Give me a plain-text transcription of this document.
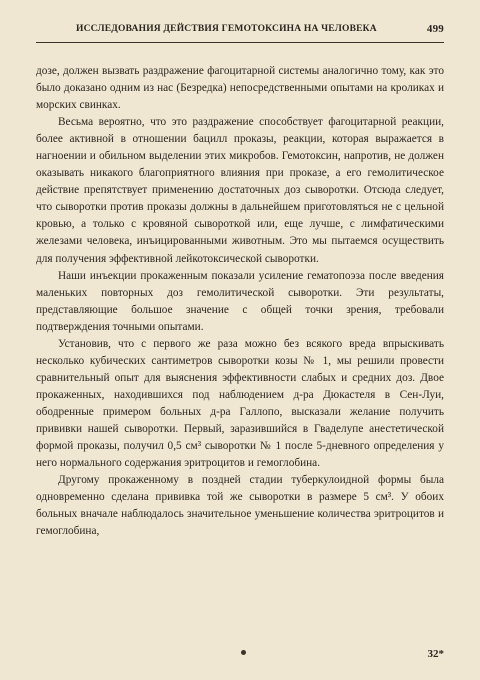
ИССЛЕДОВАНИЯ ДЕЙСТВИЯ ГЕМОТОКСИНА НА ЧЕЛОВЕКА	499

дозе, должен вызвать раздражение фагоцитарной системы аналогично тому, как это было доказано одним из нас (Безредка) непосредственными опытами на кроликах и морских свинках.

Весьма вероятно, что это раздражение способствует фагоцитарной реакции, более активной в отношении бацилл проказы, реакции, которая выражается в нагноении и обильном выделении этих микробов. Гемотоксин, напротив, не должен оказывать никакого благоприятного влияния при проказе, а его гемолитическое действие препятствует применению достаточных доз сыворотки. Отсюда следует, что сыворотки против проказы должны в дальнейшем приготовляться не с цельной кровью, а только с кровяной сывороткой или, еще лучше, с лимфатическими железами человека, инъицированными животным. Это мы пытаемся осуществить для получения эффективной лейкотоксической сыворотки.

Наши инъекции прокаженным показали усиление гематопоэза после введения маленьких повторных доз гемолитической сыворотки. Эти результаты, представляющие большое значение с общей точки зрения, требовали подтверждения точными опытами.

Установив, что с первого же раза можно без всякого вреда впрыскивать несколько кубических сантиметров сыворотки козы № 1, мы решили провести сравнительный опыт для выяснения эффективности слабых и средних доз. Двое прокаженных, находившихся под наблюдением д-ра Дюкастеля в Сен-Луи, ободренные примером больных д-ра Галлопо, высказали желание получить прививки нашей сыворотки. Первый, заразившийся в Гваделупе анестетической формой проказы, получил 0,5 см³ сыворотки № 1 после 5-дневного определения у него нормального содержания эритроцитов и гемоглобина.

Другому прокаженному в поздней стадии туберкулоидной формы была одновременно сделана прививка той же сыворотки в размере 5 см³. У обоих больных вначале наблюдалось значительное уменьшение количества эритроцитов и гемоглобина,

32*
